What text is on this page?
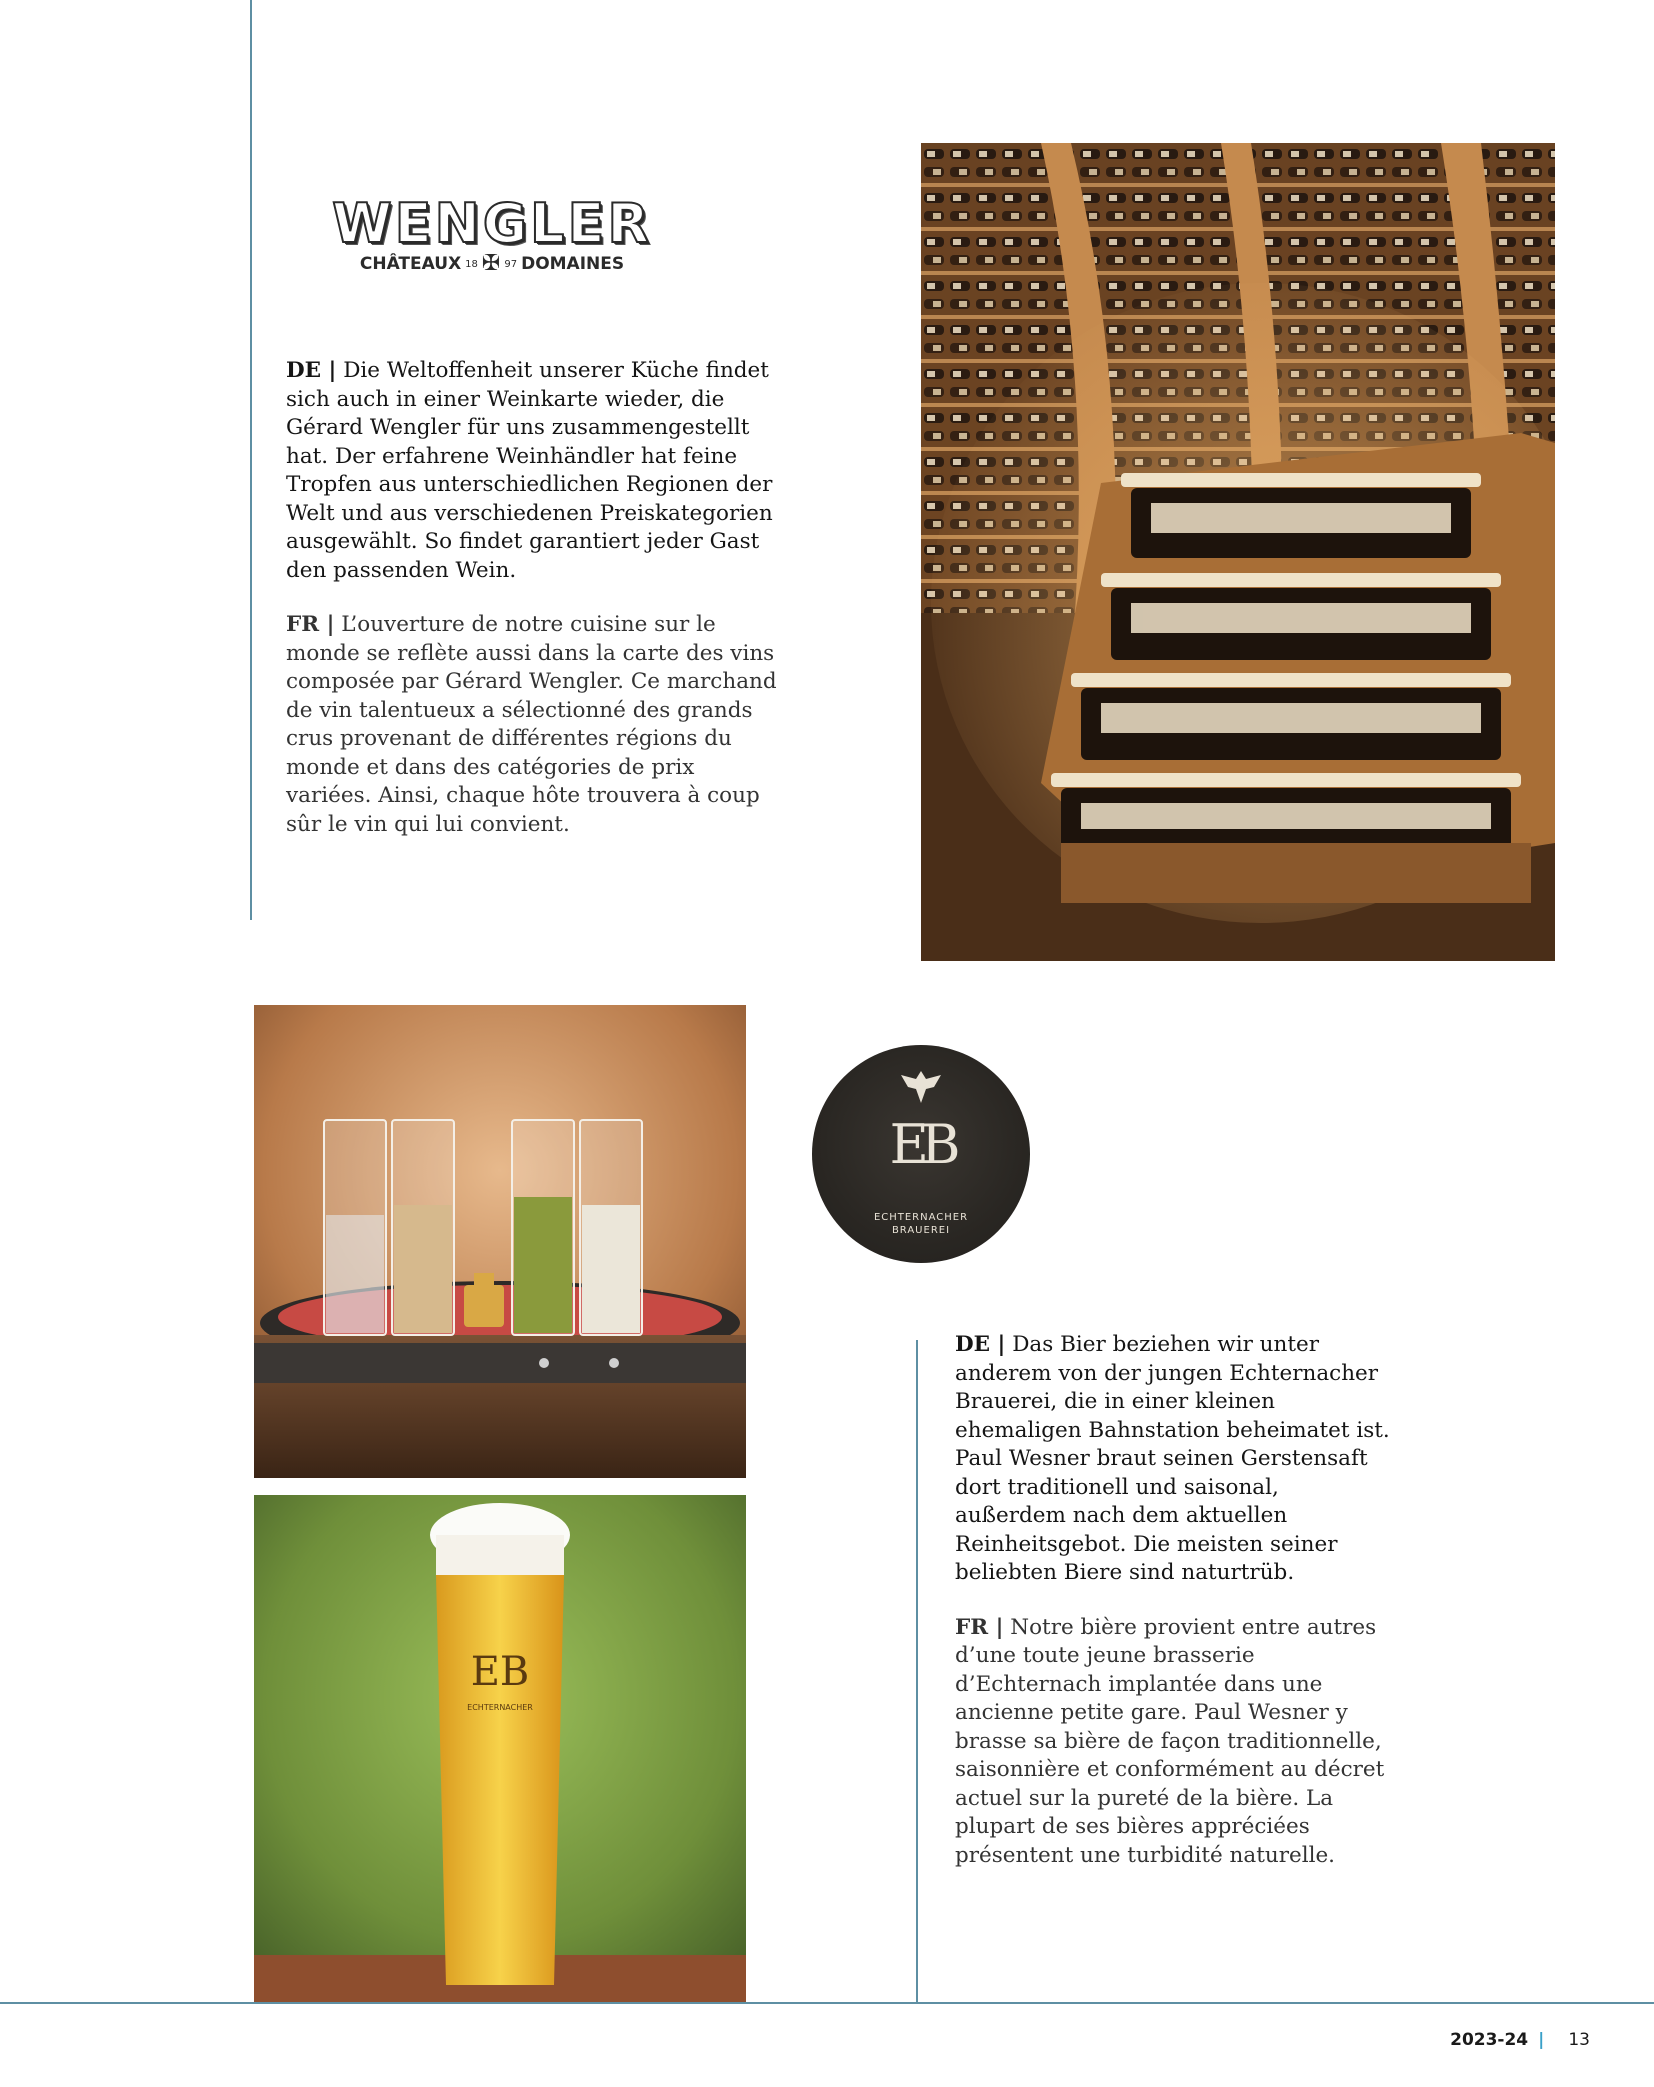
WENGLER
CHÂTEAUX 18 ✠ 97 DOMAINES

DE | Die Weltoffenheit unserer Küche findet sich auch in einer Weinkarte wieder, die Gérard Wengler für uns zusammengestellt hat. Der erfahrene Weinhändler hat feine Tropfen aus unterschiedlichen Regionen der Welt und aus verschiedenen Preiskategorien ausgewählt. So findet garantiert jeder Gast den passenden Wein.

FR | L’ouverture de notre cuisine sur le monde se reflète aussi dans la carte des vins composée par Gérard Wengler. Ce marchand de vin talentueux a sélectionné des grands crus provenant de différentes régions du monde et dans des catégories de prix variées. Ainsi, chaque hôte trouvera à coup sûr le vin qui lui convient.

EB
ECHTERNACHER
EB
ECHTERNACHER
BRAUEREI

DE | Das Bier beziehen wir unter anderem von der jungen Echternacher Brauerei, die in einer kleinen ehemaligen Bahnstation beheimatet ist. Paul Wesner braut seinen Gerstensaft dort traditionell und saisonal, außerdem nach dem aktuellen Reinheitsgebot. Die meisten seiner beliebten Biere sind naturtrüb.

FR | Notre bière provient entre autres d’une toute jeune brasserie d’Echternach implantée dans une ancienne petite gare. Paul Wesner y brasse sa bière de façon traditionnelle, saisonnière et conformément au décret actuel sur la pureté de la bière. La plupart de ses bières appréciées présentent une turbidité naturelle.

2023-24 | 13
